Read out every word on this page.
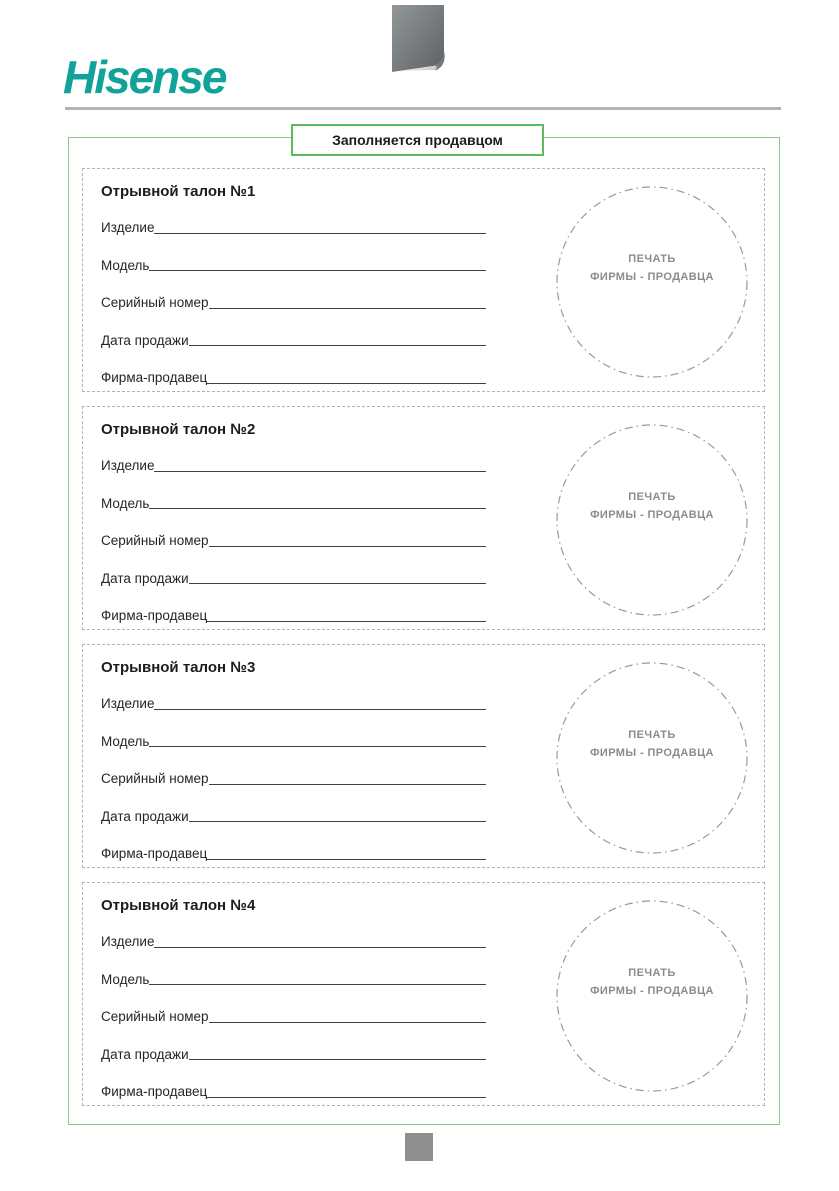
Hisense
Заполняется продавцом
Отрывной талон №1
Изделие
Модель
Серийный номер
Дата продажи
Фирма-продавец
ПЕЧАТЬ
ФИРМЫ - ПРОДАВЦА
Отрывной талон №2
Изделие
Модель
Серийный номер
Дата продажи
Фирма-продавец
ПЕЧАТЬ
ФИРМЫ - ПРОДАВЦА
Отрывной талон №3
Изделие
Модель
Серийный номер
Дата продажи
Фирма-продавец
ПЕЧАТЬ
ФИРМЫ - ПРОДАВЦА
Отрывной талон №4
Изделие
Модель
Серийный номер
Дата продажи
Фирма-продавец
ПЕЧАТЬ
ФИРМЫ - ПРОДАВЦА
